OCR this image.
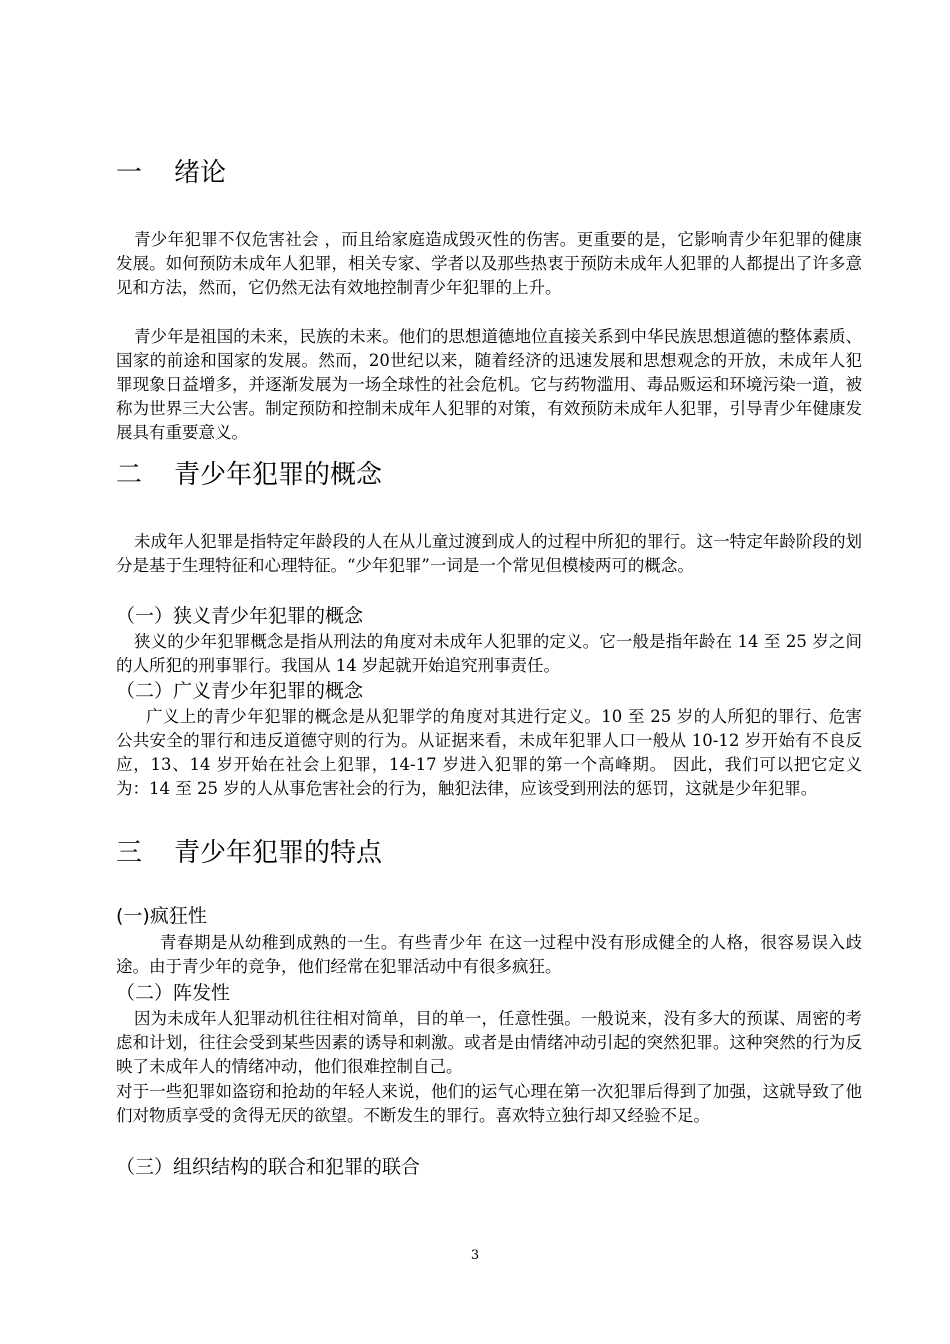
一 绪论

青少年犯罪不仅危害社会 ，而且给家庭造成毁灭性的伤害。更重要的是，它影响青少年犯罪的健康发展。如何预防未成年人犯罪，相关专家、学者以及那些热衷于预防未成年人犯罪的人都提出了许多意见和方法，然而，它仍然无法有效地控制青少年犯罪的上升。

青少年是祖国的未来，民族的未来。他们的思想道德地位直接关系到中华民族思想道德的整体素质、国家的前途和国家的发展。然而，20世纪以来，随着经济的迅速发展和思想观念的开放，未成年人犯罪现象日益增多，并逐渐发展为一场全球性的社会危机。它与药物滥用、毒品贩运和环境污染一道，被称为世界三大公害。制定预防和控制未成年人犯罪的对策，有效预防未成年人犯罪，引导青少年健康发展具有重要意义。

二 青少年犯罪的概念

未成年人犯罪是指特定年龄段的人在从儿童过渡到成人的过程中所犯的罪行。这一特定年龄阶段的划分是基于生理特征和心理特征。“少年犯罪”一词是一个常见但模棱两可的概念。

（一）狭义青少年犯罪的概念

狭义的少年犯罪概念是指从刑法的角度对未成年人犯罪的定义。它一般是指年龄在 14 至 25 岁之间的人所犯的刑事罪行。我国从 14 岁起就开始追究刑事责任。

（二）广义青少年犯罪的概念

广义上的青少年犯罪的概念是从犯罪学的角度对其进行定义。10 至 25 岁的人所犯的罪行、危害公共安全的罪行和违反道德守则的行为。从证据来看，未成年犯罪人口一般从 10-12 岁开始有不良反应，13、14 岁开始在社会上犯罪，14-17 岁进入犯罪的第一个高峰期。 因此，我们可以把它定义为：14 至 25 岁的人从事危害社会的行为，触犯法律，应该受到刑法的惩罚，这就是少年犯罪。

三 青少年犯罪的特点
(一)疯狂性

青春期是从幼稚到成熟的一生。有些青少年 在这一过程中没有形成健全的人格，很容易误入歧途。由于青少年的竞争，他们经常在犯罪活动中有很多疯狂。

（二）阵发性

因为未成年人犯罪动机往往相对简单，目的单一，任意性强。一般说来，没有多大的预谋、周密的考虑和计划，往往会受到某些因素的诱导和刺激。或者是由情绪冲动引起的突然犯罪。这种突然的行为反映了未成年人的情绪冲动，他们很难控制自己。

对于一些犯罪如盗窃和抢劫的年轻人来说，他们的运气心理在第一次犯罪后得到了加强，这就导致了他们对物质享受的贪得无厌的欲望。不断发生的罪行。喜欢特立独行却又经验不足。

（三）组织结构的联合和犯罪的联合
3
